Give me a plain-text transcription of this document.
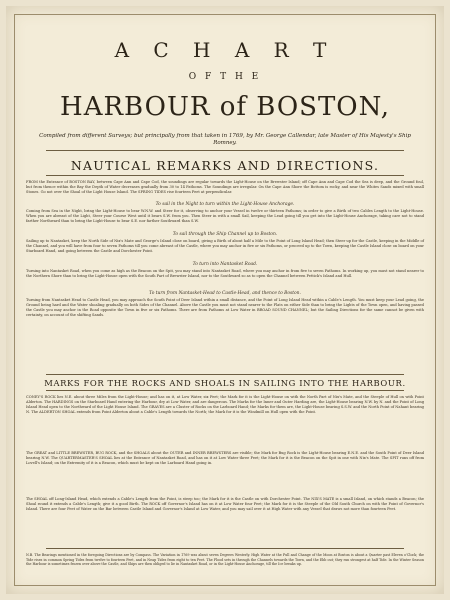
A C H A R T
O F T H E
HARBOUR of BOSTON,
Compiled from different Surveys; but principally from that taken in 1769, by Mr. George Callendar, late Master of His Majesty's Ship Romney.
NAUTICAL REMARKS AND DIRECTIONS.
FROM the Entrance of BOSTON BAY, between Cape Ann and Cape Cod, the soundings are regular towards the Light-House on the Brewster Island; off Cape Ann and Cape Cod the Sea is deep, and the Ground foul, but from thence within the Bay the Depth of Water decreases gradually from 30 to 14 Fathoms. The Soundings are irregular. On the Cape Ann Shore the Bottom is rocky, and near the Whites Sands mixed with small Stones. Go not over the Shoal of the Light House Island. The SPRING TIDES rise fourteen Feet at perpendicular.
To sail in the Night to turn within the Light-House Anchorage.
Coming from Sea in the Night, bring the Light-House to bear W.N.W. and Steer for it, observing to anchor your Vessel in twelve or thirteen Fathoms; in order to give a Birth of two Cables Length to the Light-House. When you are abreast of the Light, Steer your Course West until it bears S.W. from you. Then Steer in with a small Sail, keeping the Lead going till you get into the Light-House Anchorage, taking care not to stand farther Northward than to bring the Light-House to bear S.E. nor farther Southward than S.W.
To sail through the Ship Channel up to Boston.
Sailing up to Nantasket, keep the North Side of Nix's Mate and George's Island close on board, giving a Birth of about half a Mile to the Point of Long Island Head; then Steer up for the Castle, keeping in the Middle of the Channel, and you will have from four to seven Fathoms till you come abreast of the Castle, where you may anchor in five or six Fathoms, or proceed up to the Town, keeping the Castle Island close on board on your Starboard Hand, and going between the Castle and Dorchester Point.
To turn into Nantasket Road.
Turning into Nantasket Road, when you come as high as the Beacon on the Spit, you may stand into Nantasket Road, where you may anchor in from five to seven Fathoms. In working up, you must not stand nearer to the Northern Shore than to bring the Light-House open with the South Part of Brewster Island, nor to the Southward so as to open the Channel between Pettick's Island and Hull.
To turn from Nantasket-Head to Castle-Head, and thence to Boston.
Turning from Nantasket Head to Castle Head, you may approach the South Point of Deer Island within a small distance, and the Point of Long Island Head within a Cable's Length. You must keep your Lead going, the Ground being hard and the Water shoaling gradually on both Sides of the Channel. Above the Castle you must not stand nearer to the Flats on either Side than to bring the Lights of the Town open, and having passed the Castle you may anchor in the Road opposite the Town in five or six Fathoms. There are from Fathoms at Low Water in BROAD SOUND CHANNEL; but the Sailing Directions for the same cannot be given with certainty, on account of the shifting Sands.
MARKS FOR THE ROCKS AND SHOALS IN SAILING INTO THE HARBOUR.
CONEY'S ROCK lies N.E. about three Miles from the Light-House; and has on it, at Low Water, six Feet; the Mark for it is the Light-House on with the North Part of Nix's Mate, and the Steeple of Hull on with Point Alderton. The HARDINGS on the Starboard Hand entering the Harbour, dry at Low Water, and are dangerous. The Marks for the Inner and Outer Harding are, the Light-House bearing N.W. by N. and the Point of Long Island Head open to the Northward of the Light House Island. The GRAVES are a Cluster of Rocks on the Larboard Hand; the Marks for them are, the Light-House bearing S.S.W. and the North Point of Nahant bearing N. The ALDERTON SHOAL extends from Point Alderton about a Cable's Length towards the North; the Mark for it is the Windmill on Hull open with the Point.
The GREAT and LITTLE BREWSTER, BUG ROCK, and the SHOALS about the OUTER and INNER BREWSTERS are visible; the Mark for Bug Rock is the Light-House bearing E.N.E. and the South Point of Deer Island bearing N.W. The QUARTERMASTER'S SHOAL lies at the Entrance of Nantasket Road, and has on it at Low Water three Feet; the Mark for it is the Beacon on the Spit in one with Nix's Mate. The SPIT runs off from Lovell's Island; on the Extremity of it is a Beacon, which must be kept on the Larboard Hand going in.
The SHOAL off Long-Island Head, which extends a Cable's Length from the Point, is steep too; the Mark for it is the Castle on with Dorchester Point. The NIX'S MATE is a small Island, on which stands a Beacon; the Shoal round it extends a Cable's Length; give it a good Birth. The ROCK off Governor's Island has on it at Low Water four Feet; the Mark for it is the Steeple of the Old South Church on with the Point of Governor's Island. There are four Feet of Water on the Bar between Castle Island and Governor's Island at Low Water, and you may sail over it at High Water with any Vessel that draws not more than fourteen Feet.
N.B. The Bearings mentioned in the foregoing Directions are by Compass. The Variation in 1769 was about seven Degrees Westerly. High Water at the Full and Change of the Moon at Boston is about a Quarter past Eleven o'Clock; the Tide rises in common Spring Tides from twelve to fourteen Feet, and in Neap Tides from eight to ten Feet. The Flood sets in through the Channels towards the Town, and the Ebb out; they run strongest at half Tide. In the Winter Season the Harbour is sometimes frozen over above the Castle, and Ships are then obliged to lie in Nantasket Road, or in the Light-House Anchorage, till the Ice breaks up.
